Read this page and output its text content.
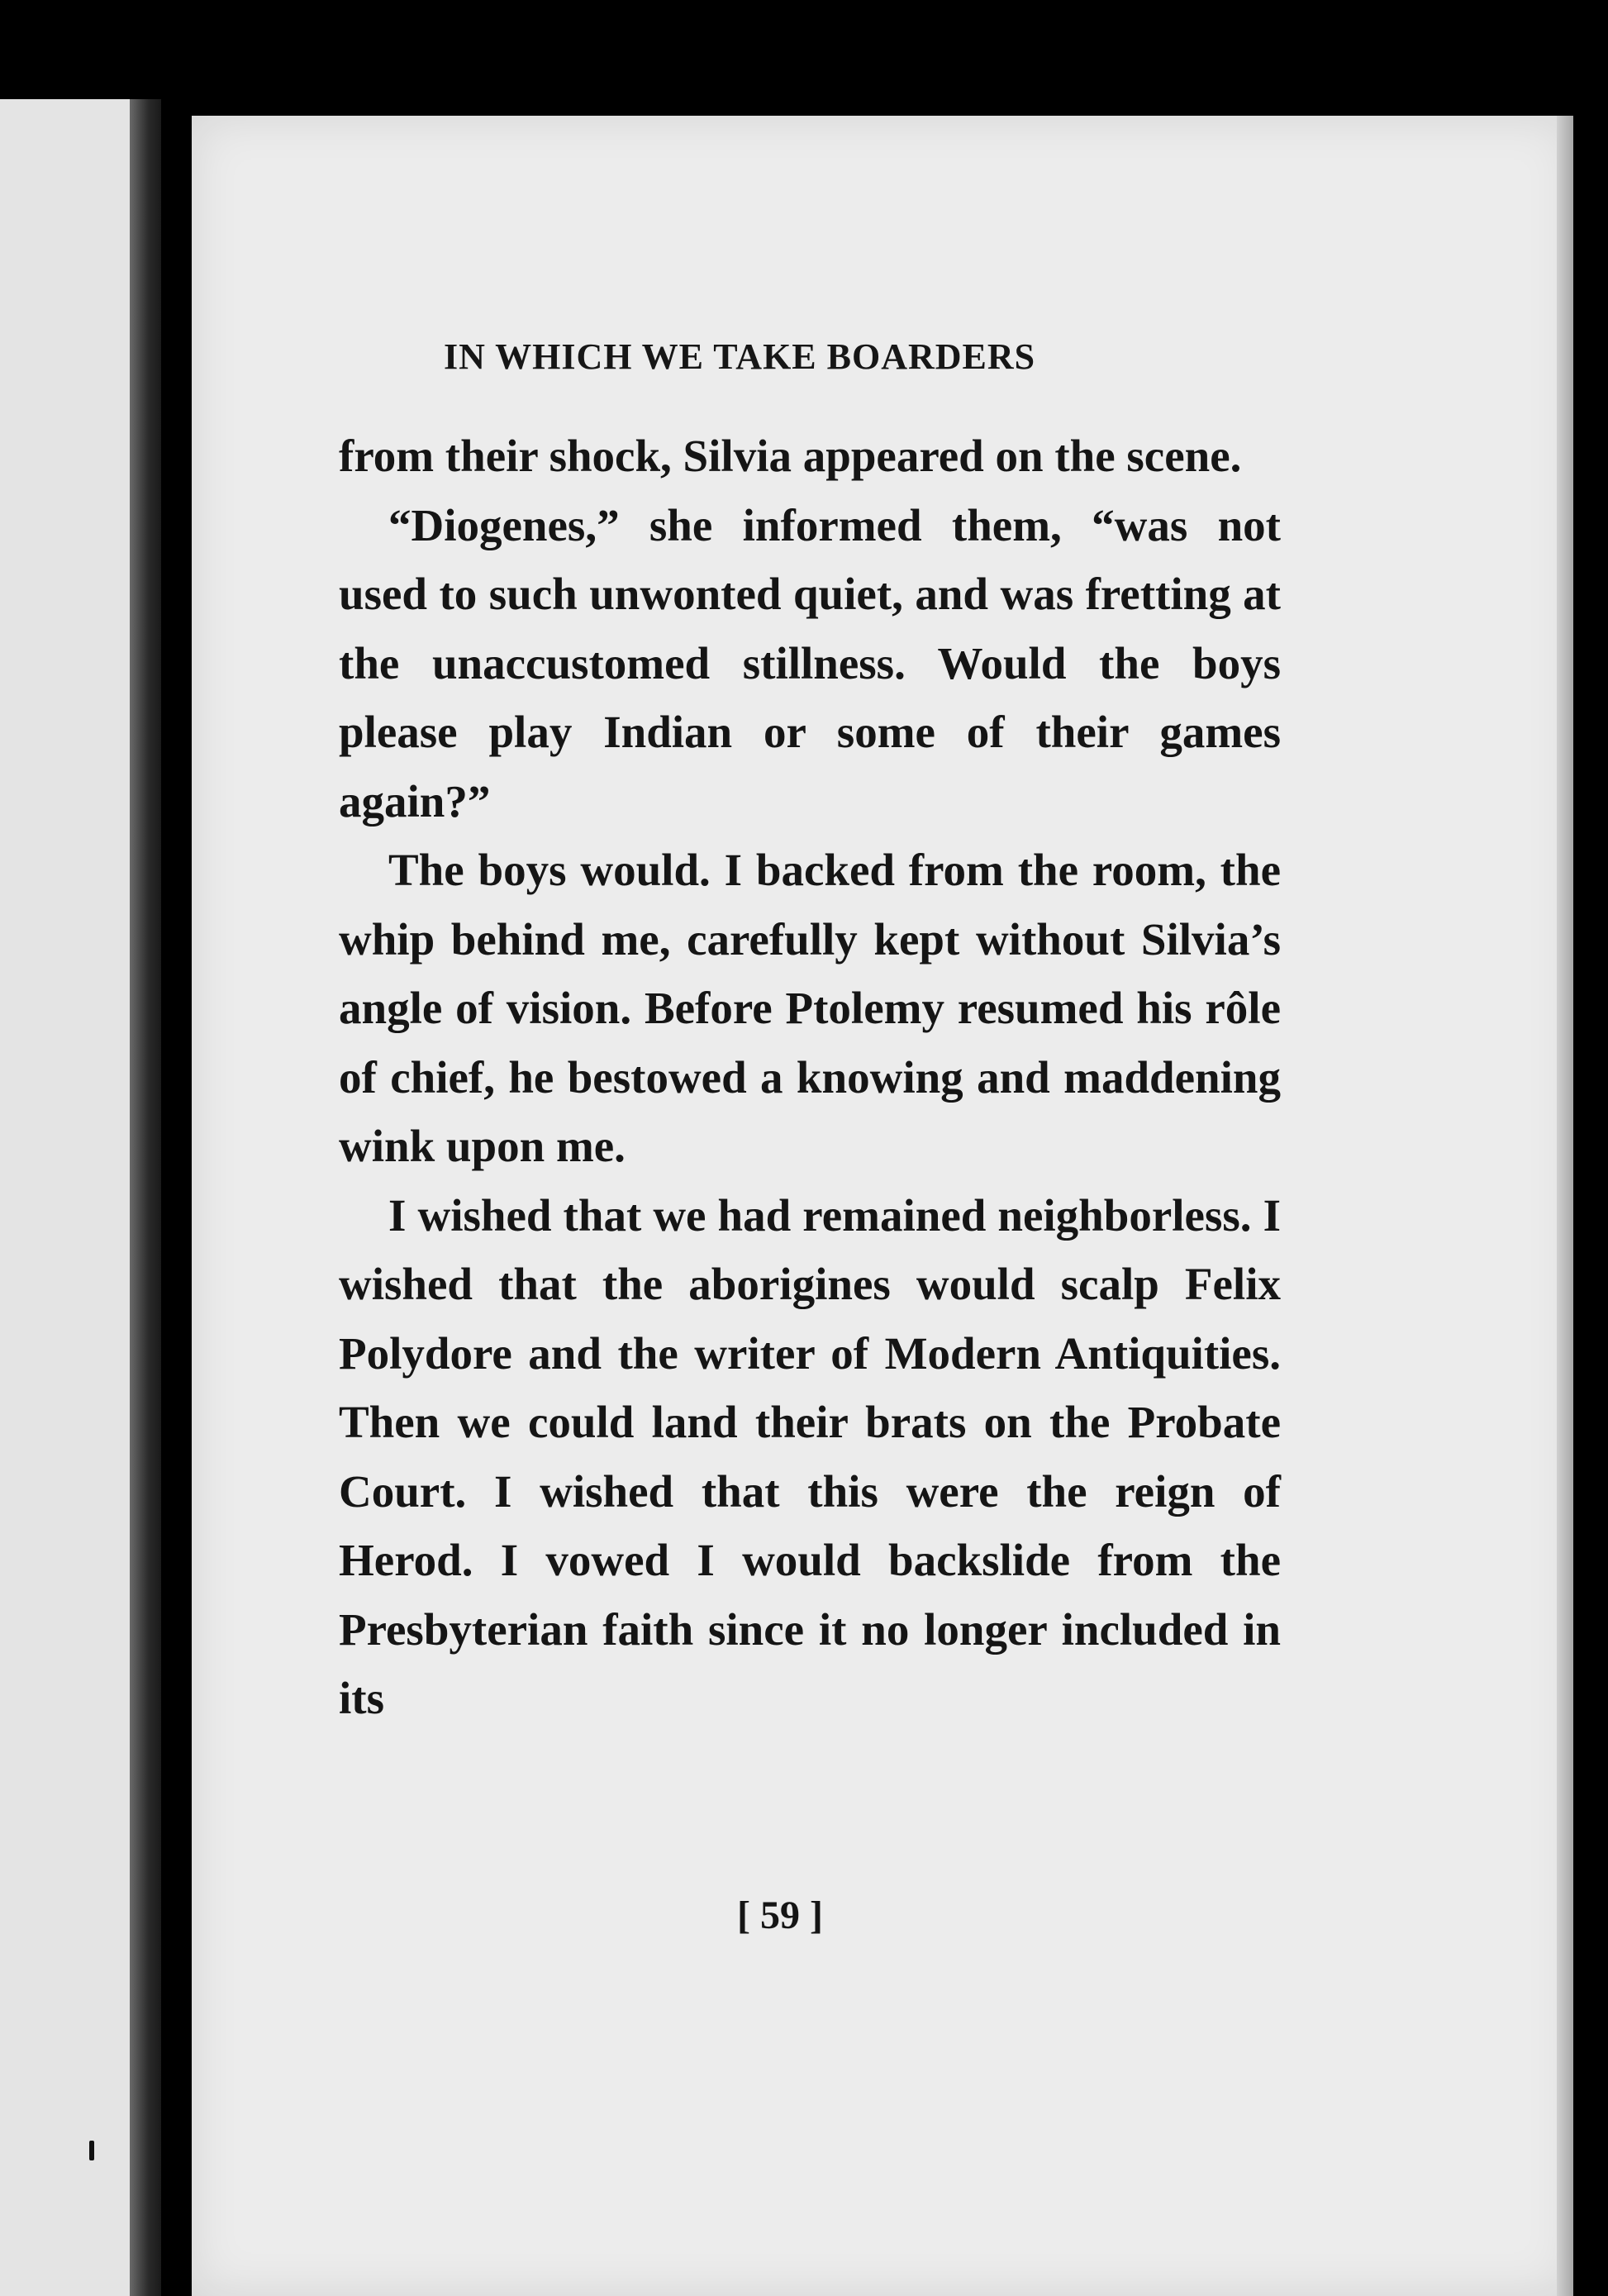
IN WHICH WE TAKE BOARDERS

from their shock, Silvia appeared on the scene.

“Diogenes,” she informed them, “was not used to such unwonted quiet, and was fretting at the unaccustomed stillness. Would the boys please play Indian or some of their games again?”

The boys would. I backed from the room, the whip behind me, carefully kept without Silvia’s angle of vision. Before Ptolemy resumed his rôle of chief, he bestowed a knowing and maddening wink upon me.

I wished that we had remained neighborless. I wished that the aborigines would scalp Felix Polydore and the writer of Modern Antiquities. Then we could land their brats on the Probate Court. I wished that this were the reign of Herod. I vowed I would backslide from the Presbyterian faith since it no longer included in its

[ 59 ]
